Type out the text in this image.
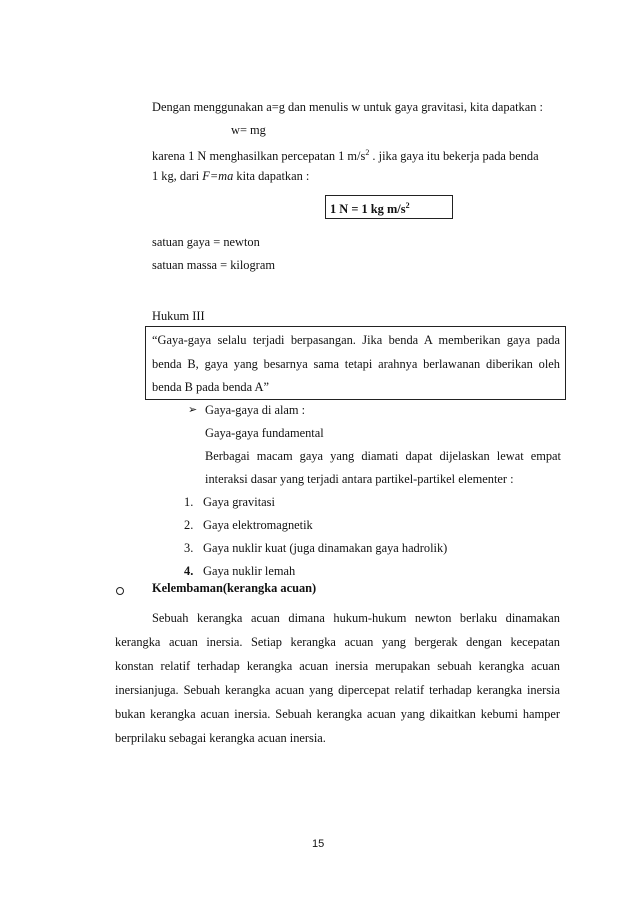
Dengan menggunakan a=g dan menulis w untuk gaya gravitasi, kita dapatkan :
w= mg
karena 1 N menghasilkan percepatan 1 $m/s^2$ . jika gaya itu bekerja pada benda
1 kg, dari F=ma kita dapatkan :
1 N = 1 kg $m/s^2$
satuan gaya = newton
satuan massa = kilogram
Hukum III
“Gaya-gaya selalu terjadi berpasangan. Jika benda A memberikan gaya pada
benda B, gaya yang besarnya sama tetapi arahnya berlawanan diberikan oleh
benda B pada benda A”
➢ Gaya-gaya di alam :
Gaya-gaya fundamental
Berbagai macam gaya yang diamati dapat dijelaskan lewat empat
interaksi dasar yang terjadi antara partikel-partikel elementer :
1. Gaya gravitasi
2. Gaya elektromagnetik
3. Gaya nuklir kuat (juga dinamakan gaya hadrolik)
4. Gaya nuklir lemah
Kelembaman(kerangka acuan)
Sebuah kerangka acuan dimana hukum-hukum newton berlaku dinamakan
kerangka acuan inersia. Setiap kerangka acuan yang bergerak dengan kecepatan
konstan relatif terhadap kerangka acuan inersia merupakan sebuah kerangka acuan
inersianjuga. Sebuah kerangka acuan yang dipercepat relatif terhadap kerangka inersia
bukan kerangka acuan inersia. Sebuah kerangka acuan yang dikaitkan kebumi hamper
berprilaku sebagai kerangka acuan inersia.
15
